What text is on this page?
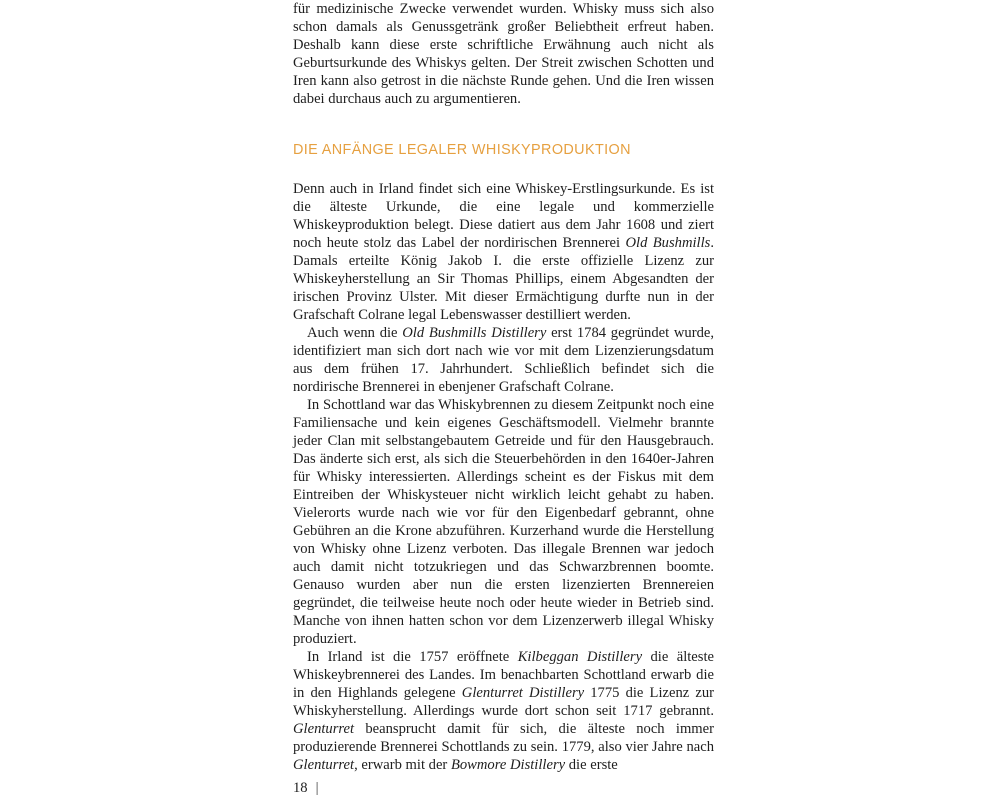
für medizinische Zwecke verwendet wurden. Whisky muss sich also schon damals als Genussgetränk großer Beliebtheit erfreut haben. Deshalb kann diese erste schriftliche Erwähnung auch nicht als Geburtsurkunde des Whiskys gelten. Der Streit zwischen Schotten und Iren kann also getrost in die nächste Runde gehen. Und die Iren wissen dabei durchaus auch zu argumentieren.

DIE ANFÄNGE LEGALER WHISKYPRODUKTION

Denn auch in Irland findet sich eine Whiskey-Erstlingsurkunde. Es ist die älteste Urkunde, die eine legale und kommerzielle Whiskeyproduktion belegt. Diese datiert aus dem Jahr 1608 und ziert noch heute stolz das Label der nordirischen Brennerei Old Bushmills. Damals erteilte König Jakob I. die erste offizielle Lizenz zur Whiskeyherstellung an Sir Thomas Phillips, einem Abgesandten der irischen Provinz Ulster. Mit dieser Ermächtigung durfte nun in der Grafschaft Colrane legal Lebenswasser destilliert werden.

Auch wenn die Old Bushmills Distillery erst 1784 gegründet wurde, identifiziert man sich dort nach wie vor mit dem Lizenzierungsdatum aus dem frühen 17. Jahrhundert. Schließlich befindet sich die nordirische Brennerei in ebenjener Grafschaft Colrane.

In Schottland war das Whiskybrennen zu diesem Zeitpunkt noch eine Familiensache und kein eigenes Geschäftsmodell. Vielmehr brannte jeder Clan mit selbstangebautem Getreide und für den Hausgebrauch. Das änderte sich erst, als sich die Steuerbehörden in den 1640er-Jahren für Whisky interessierten. Allerdings scheint es der Fiskus mit dem Eintreiben der Whiskysteuer nicht wirklich leicht gehabt zu haben. Vielerorts wurde nach wie vor für den Eigenbedarf gebrannt, ohne Gebühren an die Krone abzuführen. Kurzerhand wurde die Herstellung von Whisky ohne Lizenz verboten. Das illegale Brennen war jedoch auch damit nicht totzukriegen und das Schwarzbrennen boomte. Genauso wurden aber nun die ersten lizenzierten Brennereien gegründet, die teilweise heute noch oder heute wieder in Betrieb sind. Manche von ihnen hatten schon vor dem Lizenzerwerb illegal Whisky produziert.

In Irland ist die 1757 eröffnete Kilbeggan Distillery die älteste Whiskeybrennerei des Landes. Im benachbarten Schottland erwarb die in den Highlands gelegene Glenturret Distillery 1775 die Lizenz zur Whiskyherstellung. Allerdings wurde dort schon seit 1717 gebrannt. Glenturret beansprucht damit für sich, die älteste noch immer produzierende Brennerei Schottlands zu sein. 1779, also vier Jahre nach Glenturret, erwarb mit der Bowmore Distillery die erste

18 |
